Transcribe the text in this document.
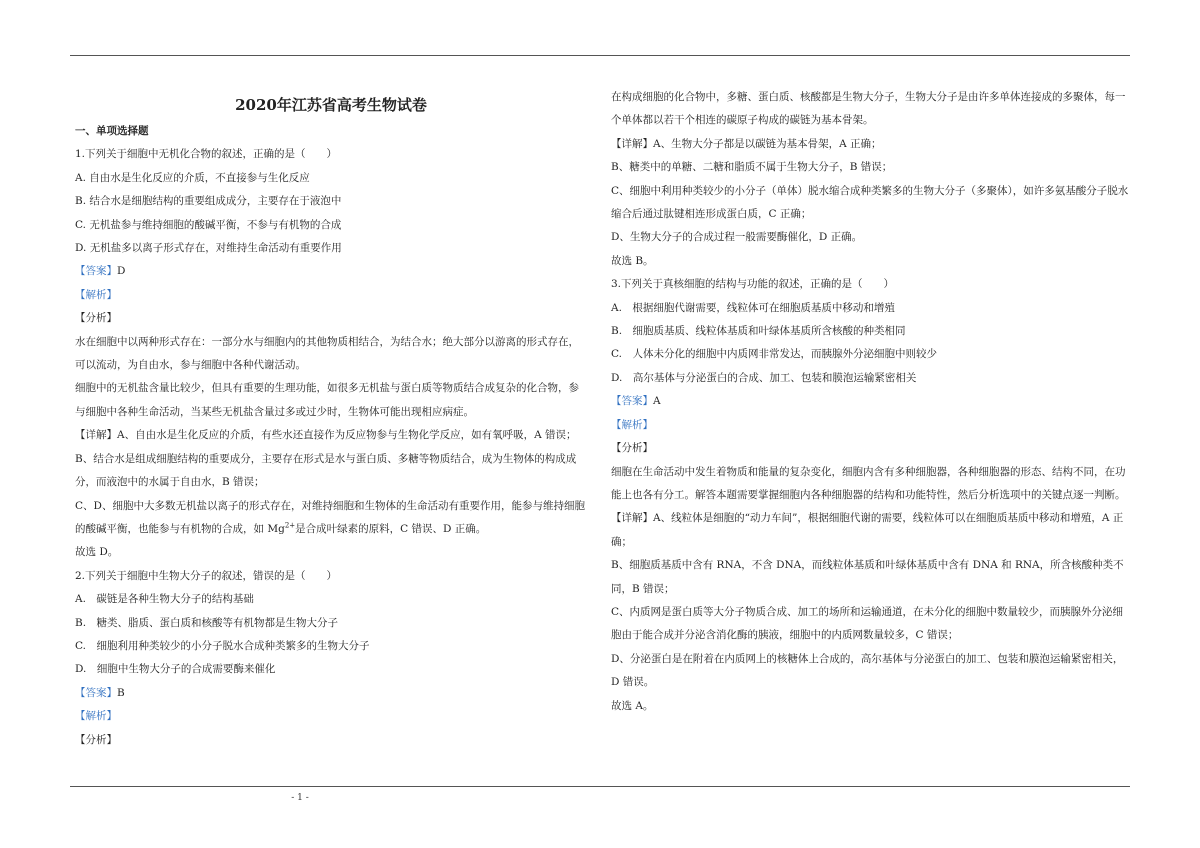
2020年江苏省高考生物试卷

一、单项选择题

1.下列关于细胞中无机化合物的叙述，正确的是（　　）

A. 自由水是生化反应的介质，不直接参与生化反应

B. 结合水是细胞结构的重要组成成分，主要存在于液泡中

C. 无机盐参与维持细胞的酸碱平衡，不参与有机物的合成

D. 无机盐多以离子形式存在，对维持生命活动有重要作用

【答案】D

【解析】

【分析】

水在细胞中以两种形式存在：一部分水与细胞内的其他物质相结合，为结合水；绝大部分以游离的形式存在，可以流动，为自由水，参与细胞中各种代谢活动。

细胞中的无机盐含量比较少，但具有重要的生理功能，如很多无机盐与蛋白质等物质结合成复杂的化合物，参与细胞中各种生命活动，当某些无机盐含量过多或过少时，生物体可能出现相应病症。

【详解】A、自由水是生化反应的介质，有些水还直接作为反应物参与生物化学反应，如有氧呼吸，A 错误；

B、结合水是组成细胞结构的重要成分，主要存在形式是水与蛋白质、多糖等物质结合，成为生物体的构成成分，而液泡中的水属于自由水，B 错误；

C、D、细胞中大多数无机盐以离子的形式存在，对维持细胞和生物体的生命活动有重要作用，能参与维持细胞的酸碱平衡，也能参与有机物的合成，如 $Mg^{2+}$是合成叶绿素的原料，C 错误、D 正确。

故选 D。

2.下列关于细胞中生物大分子的叙述，错误的是（　　）

A.　碳链是各种生物大分子的结构基础

B.　糖类、脂质、蛋白质和核酸等有机物都是生物大分子

C.　细胞利用种类较少的小分子脱水合成种类繁多的生物大分子

D.　细胞中生物大分子的合成需要酶来催化

【答案】B

【解析】

【分析】

在构成细胞的化合物中，多糖、蛋白质、核酸都是生物大分子，生物大分子是由许多单体连接成的多聚体，每一个单体都以若干个相连的碳原子构成的碳链为基本骨架。

【详解】A、生物大分子都是以碳链为基本骨架，A 正确；

B、糖类中的单糖、二糖和脂质不属于生物大分子，B 错误；

C、细胞中利用种类较少的小分子（单体）脱水缩合成种类繁多的生物大分子（多聚体），如许多氨基酸分子脱水缩合后通过肽键相连形成蛋白质，C 正确；

D、生物大分子的合成过程一般需要酶催化，D 正确。

故选 B。

3.下列关于真核细胞的结构与功能的叙述，正确的是（　　）

A.　根据细胞代谢需要，线粒体可在细胞质基质中移动和增殖

B.　细胞质基质、线粒体基质和叶绿体基质所含核酸的种类相同

C.　人体未分化的细胞中内质网非常发达，而胰腺外分泌细胞中则较少

D.　高尔基体与分泌蛋白的合成、加工、包装和膜泡运输紧密相关

【答案】A

【解析】

【分析】

细胞在生命活动中发生着物质和能量的复杂变化，细胞内含有多种细胞器，各种细胞器的形态、结构不同，在功能上也各有分工。解答本题需要掌握细胞内各种细胞器的结构和功能特性，然后分析选项中的关键点逐一判断。

【详解】A、线粒体是细胞的“动力车间”，根据细胞代谢的需要，线粒体可以在细胞质基质中移动和增殖，A 正确；

B、细胞质基质中含有 RNA，不含 DNA，而线粒体基质和叶绿体基质中含有 DNA 和 RNA，所含核酸种类不同，B 错误；

C、内质网是蛋白质等大分子物质合成、加工的场所和运输通道，在未分化的细胞中数量较少，而胰腺外分泌细胞由于能合成并分泌含消化酶的胰液，细胞中的内质网数量较多，C 错误；

D、分泌蛋白是在附着在内质网上的核糖体上合成的，高尔基体与分泌蛋白的加工、包装和膜泡运输紧密相关，D 错误。

故选 A。

- 1 -
